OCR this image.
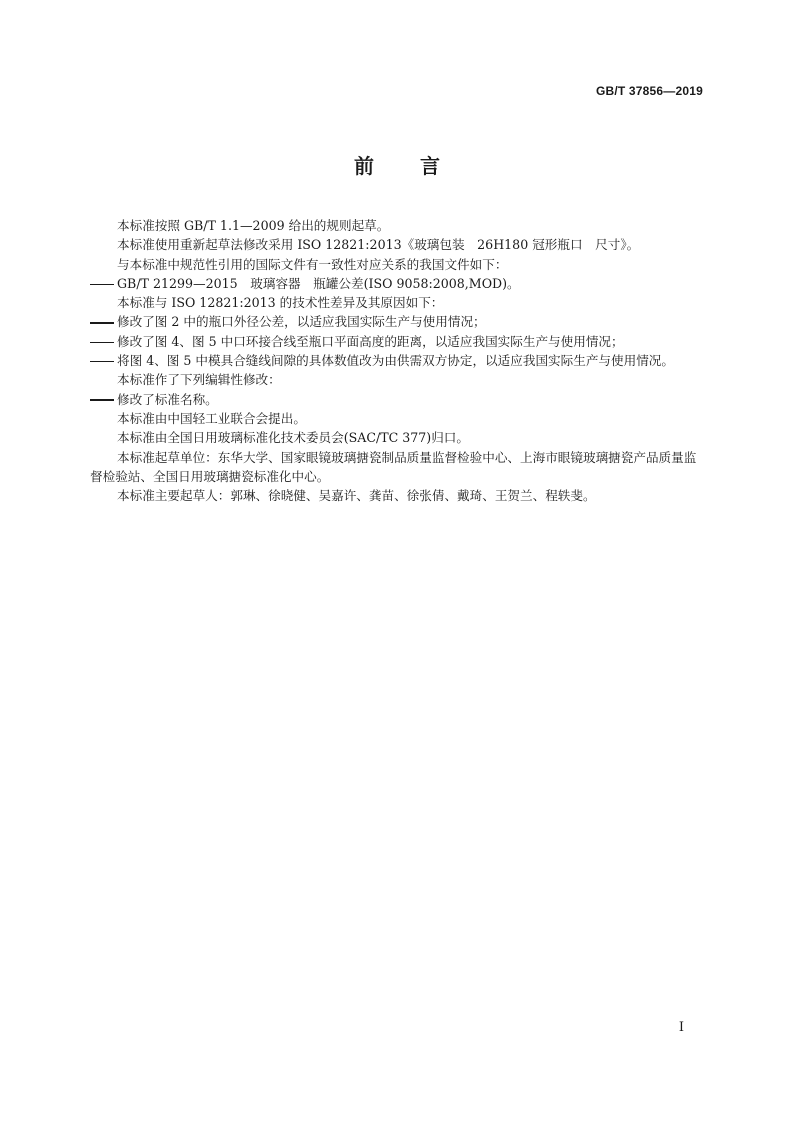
GB/T 37856—2019
前言

本标准按照 GB/T 1.1—2009 给出的规则起草。

本标准使用重新起草法修改采用 ISO 12821:2013《玻璃包装　26H180 冠形瓶口　尺寸》。

与本标准中规范性引用的国际文件有一致性对应关系的我国文件如下：

GB/T 21299—2015　玻璃容器　瓶罐公差(ISO 9058:2008,MOD)。

本标准与 ISO 12821:2013 的技术性差异及其原因如下：

修改了图 2 中的瓶口外径公差，以适应我国实际生产与使用情况；

修改了图 4、图 5 中口环接合线至瓶口平面高度的距离，以适应我国实际生产与使用情况；

将图 4、图 5 中模具合缝线间隙的具体数值改为由供需双方协定，以适应我国实际生产与使用情况。

本标准作了下列编辑性修改：

修改了标准名称。

本标准由中国轻工业联合会提出。

本标准由全国日用玻璃标准化技术委员会(SAC/TC 377)归口。

本标准起草单位：东华大学、国家眼镜玻璃搪瓷制品质量监督检验中心、上海市眼镜玻璃搪瓷产品质量监督检验站、全国日用玻璃搪瓷标准化中心。

本标准主要起草人：郭琳、徐晓健、吴嘉许、龚苗、徐张倩、戴琦、王贺兰、程轶斐。

I
